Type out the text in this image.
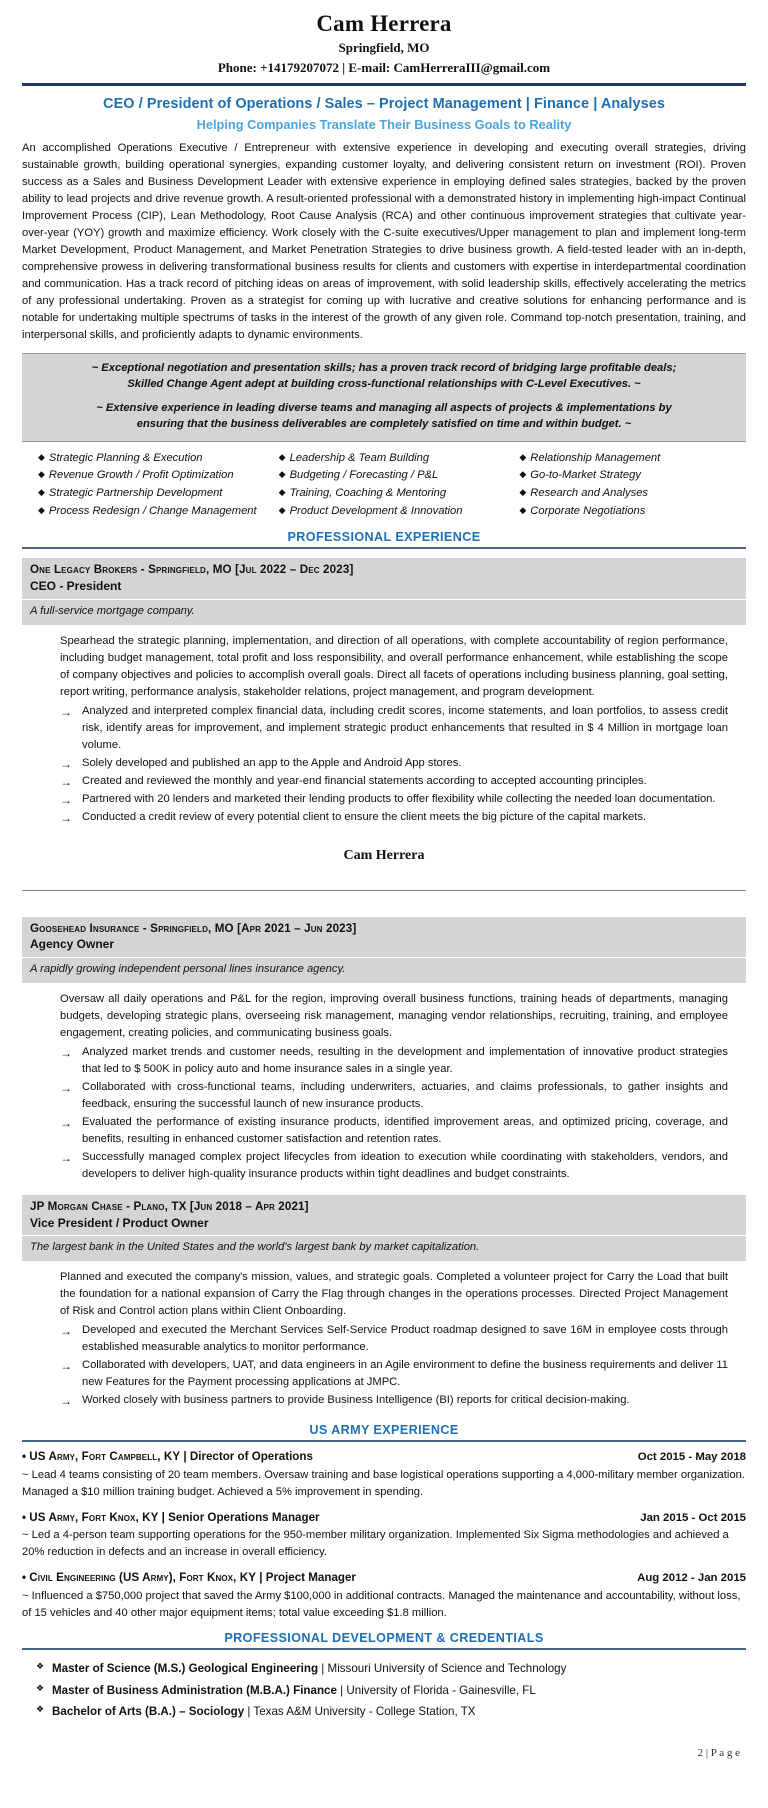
Cam Herrera
Springfield, MO
Phone: +14179207072 | E-mail: CamHerreraIII@gmail.com
CEO / President of Operations / Sales – Project Management | Finance | Analyses
Helping Companies Translate Their Business Goals to Reality
An accomplished Operations Executive / Entrepreneur with extensive experience in developing and executing overall strategies, driving sustainable growth, building operational synergies, expanding customer loyalty, and delivering consistent return on investment (ROI). Proven success as a Sales and Business Development Leader with extensive experience in employing defined sales strategies, backed by the proven ability to lead projects and drive revenue growth. A result-oriented professional with a demonstrated history in implementing high-impact Continual Improvement Process (CIP), Lean Methodology, Root Cause Analysis (RCA) and other continuous improvement strategies that cultivate year-over-year (YOY) growth and maximize efficiency. Work closely with the C-suite executives/Upper management to plan and implement long-term Market Development, Product Management, and Market Penetration Strategies to drive business growth. A field-tested leader with an in-depth, comprehensive prowess in delivering transformational business results for clients and customers with expertise in interdepartmental coordination and communication. Has a track record of pitching ideas on areas of improvement, with solid leadership skills, effectively accelerating the metrics of any professional undertaking. Proven as a strategist for coming up with lucrative and creative solutions for enhancing performance and is notable for undertaking multiple spectrums of tasks in the interest of the growth of any given role. Command top-notch presentation, training, and interpersonal skills, and proficiently adapts to dynamic environments.
~ Exceptional negotiation and presentation skills; has a proven track record of bridging large profitable deals;
Skilled Change Agent adept at building cross-functional relationships with C-Level Executives. ~
~ Extensive experience in leading diverse teams and managing all aspects of projects & implementations by
ensuring that the business deliverables are completely satisfied on time and within budget. ~
◆ Strategic Planning & Execution
◆ Revenue Growth / Profit Optimization
◆ Strategic Partnership Development
◆ Process Redesign / Change Management
◆ Leadership & Team Building
◆ Budgeting / Forecasting / P&L
◆ Training, Coaching & Mentoring
◆ Product Development & Innovation
◆ Relationship Management
◆ Go-to-Market Strategy
◆ Research and Analyses
◆ Corporate Negotiations
PROFESSIONAL EXPERIENCE
One Legacy Brokers - Springfield, MO [Jul 2022 – Dec 2023]
CEO - President
A full-service mortgage company.
Spearhead the strategic planning, implementation, and direction of all operations, with complete accountability of region performance, including budget management, total profit and loss responsibility, and overall performance enhancement, while establishing the scope of company objectives and policies to accomplish overall goals. Direct all facets of operations including business planning, goal setting, report writing, performance analysis, stakeholder relations, project management, and program development.
→ Analyzed and interpreted complex financial data, including credit scores, income statements, and loan portfolios, to assess credit risk, identify areas for improvement, and implement strategic product enhancements that resulted in $ 4 Million in mortgage loan volume.
→ Solely developed and published an app to the Apple and Android App stores.
→ Created and reviewed the monthly and year-end financial statements according to accepted accounting principles.
→ Partnered with 20 lenders and marketed their lending products to offer flexibility while collecting the needed loan documentation.
→ Conducted a credit review of every potential client to ensure the client meets the big picture of the capital markets.
Cam Herrera
Goosehead Insurance - Springfield, MO [Apr 2021 – Jun 2023]
Agency Owner
A rapidly growing independent personal lines insurance agency.
Oversaw all daily operations and P&L for the region, improving overall business functions, training heads of departments, managing budgets, developing strategic plans, overseeing risk management, managing vendor relationships, recruiting, training, and employee engagement, creating policies, and communicating business goals.
→ Analyzed market trends and customer needs, resulting in the development and implementation of innovative product strategies that led to $ 500K in policy auto and home insurance sales in a single year.
→ Collaborated with cross-functional teams, including underwriters, actuaries, and claims professionals, to gather insights and feedback, ensuring the successful launch of new insurance products.
→ Evaluated the performance of existing insurance products, identified improvement areas, and optimized pricing, coverage, and benefits, resulting in enhanced customer satisfaction and retention rates.
→ Successfully managed complex project lifecycles from ideation to execution while coordinating with stakeholders, vendors, and developers to deliver high-quality insurance products within tight deadlines and budget constraints.
JP Morgan Chase - Plano, TX [Jun 2018 – Apr 2021]
Vice President / Product Owner
The largest bank in the United States and the world's largest bank by market capitalization.
Planned and executed the company's mission, values, and strategic goals. Completed a volunteer project for Carry the Load that built the foundation for a national expansion of Carry the Flag through changes in the operations processes. Directed Project Management of Risk and Control action plans within Client Onboarding.
→ Developed and executed the Merchant Services Self-Service Product roadmap designed to save 16M in employee costs through established measurable analytics to monitor performance.
→ Collaborated with developers, UAT, and data engineers in an Agile environment to define the business requirements and deliver 11 new Features for the Payment processing applications at JMPC.
→ Worked closely with business partners to provide Business Intelligence (BI) reports for critical decision-making.
US ARMY EXPERIENCE
• US Army, Fort Campbell, KY | Director of Operations	Oct 2015 - May 2018
~ Lead 4 teams consisting of 20 team members. Oversaw training and base logistical operations supporting a 4,000-military member organization. Managed a $10 million training budget. Achieved a 5% improvement in spending.
• US Army, Fort Knox, KY | Senior Operations Manager	Jan 2015 - Oct 2015
~ Led a 4-person team supporting operations for the 950-member military organization. Implemented Six Sigma methodologies and achieved a 20% reduction in defects and an increase in overall efficiency.
• Civil Engineering (US Army), Fort Knox, KY | Project Manager	Aug 2012 - Jan 2015
~ Influenced a $750,000 project that saved the Army $100,000 in additional contracts. Managed the maintenance and accountability, without loss, of 15 vehicles and 40 other major equipment items; total value exceeding $1.8 million.
PROFESSIONAL DEVELOPMENT & CREDENTIALS
❖ Master of Science (M.S.) Geological Engineering | Missouri University of Science and Technology
❖ Master of Business Administration (M.B.A.) Finance | University of Florida - Gainesville, FL
❖ Bachelor of Arts (B.A.) – Sociology | Texas A&M University - College Station, TX
2 | P a g e
